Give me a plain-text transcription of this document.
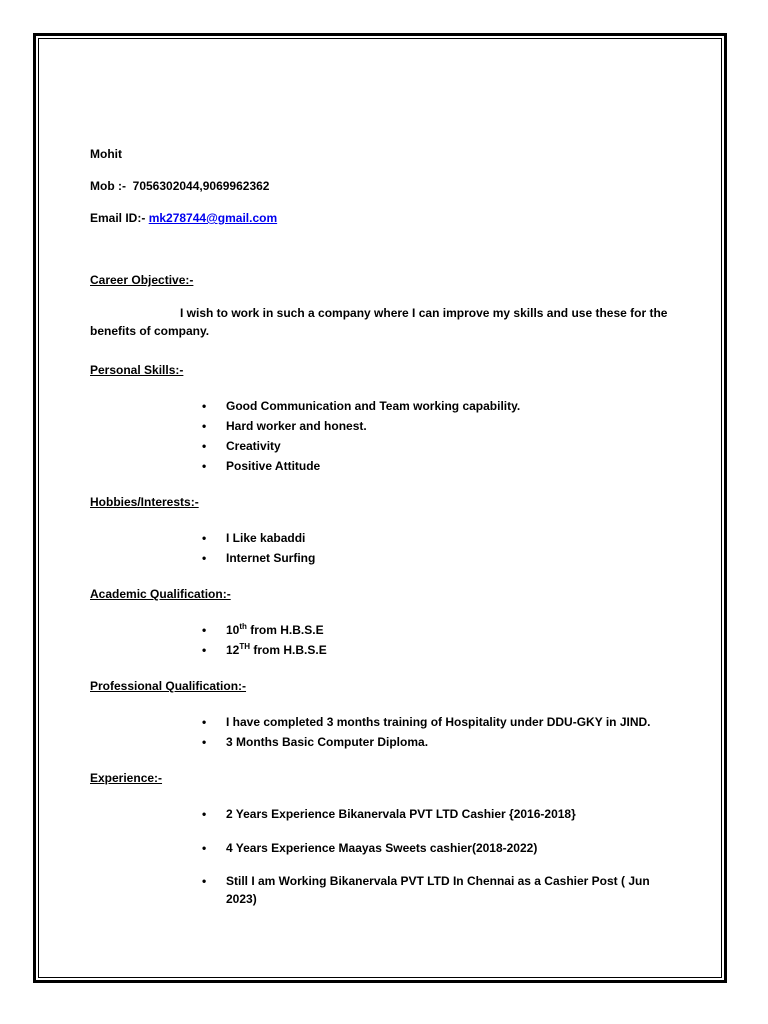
Mohit

Mob :- 7056302044,9069962362

Email ID:- mk278744@gmail.com

Career Objective:-

I wish to work in such a company where I can improve my skills and use these for the benefits of company.

Personal Skills:-

• Good Communication and Team working capability.
• Hard worker and honest.
• Creativity
• Positive Attitude

Hobbies/Interests:-

• I Like kabaddi
• Internet Surfing

Academic Qualification:-

• 10th from H.B.S.E
• 12TH from H.B.S.E

Professional Qualification:-

• I have completed 3 months training of Hospitality under DDU-GKY in JIND.
• 3 Months Basic Computer Diploma.

Experience:-

• 2 Years Experience Bikanervala PVT LTD Cashier {2016-2018}
• 4 Years Experience Maayas Sweets cashier(2018-2022)
• Still I am Working Bikanervala PVT LTD In Chennai as a Cashier Post ( Jun 2023)
